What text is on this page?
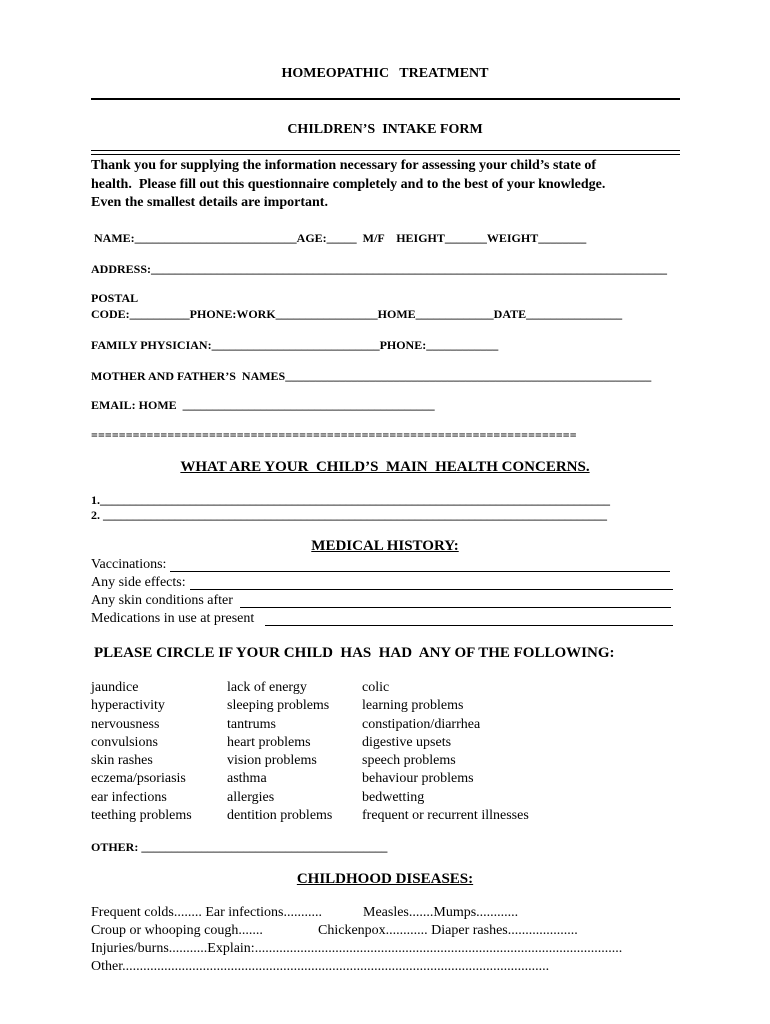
HOMEOPATHIC   TREATMENT
CHILDREN’S  INTAKE FORM
Thank you for supplying the information necessary for assessing your child’s state of
health.  Please fill out this questionnaire completely and to the best of your knowledge.
Even the smallest details are important.
NAME:___________________________AGE:_____  M/F    HEIGHT_______WEIGHT________
ADDRESS:______________________________________________________________________________________
POSTAL
CODE:__________PHONE:WORK_________________HOME_____________DATE________________
FAMILY PHYSICIAN:____________________________PHONE:____________
MOTHER AND FATHER’S  NAMES_____________________________________________________________
EMAIL: HOME  __________________________________________
======================================================================
WHAT ARE YOUR  CHILD’S  MAIN  HEALTH CONCERNS.
1._____________________________________________________________________________________
2. ____________________________________________________________________________________
MEDICAL HISTORY:
Vaccinations:
Any side effects:
Any skin conditions after
Medications in use at present
PLEASE CIRCLE IF YOUR CHILD  HAS  HAD  ANY OF THE FOLLOWING:
jaundice
hyperactivity
nervousness
convulsions
skin rashes
eczema/psoriasis
ear infections
teething problems
lack of energy
sleeping problems
tantrums
heart problems
vision problems
asthma
allergies
dentition problems
colic
learning problems
constipation/diarrhea
digestive upsets
speech problems
behaviour problems
bedwetting
frequent or recurrent illnesses
OTHER: _________________________________________
CHILDHOOD DISEASES:
Frequent colds........ Ear infections...........	Measles.......Mumps............
Croup or whooping cough.......	Chickenpox............ Diaper rashes....................
Injuries/burns...........Explain:.........................................................................................................
Other..........................................................................................................................
